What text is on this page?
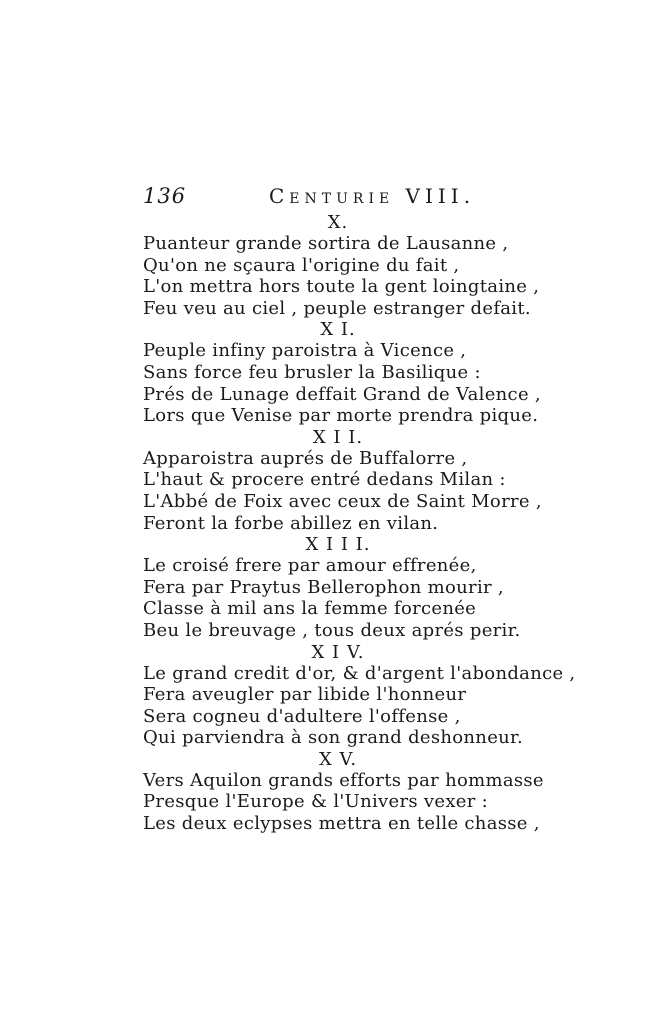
136	Centurie VIII.
X.
Puanteur grande sortira de Lausanne ,
Qu'on ne sçaura l'origine du fait ,
L'on mettra hors toute la gent loingtaine ,
Feu veu au ciel , peuple estranger defait.
X I.
Peuple infiny paroistra à Vicence ,
Sans force feu brusler la Basilique :
Prés de Lunage deffait Grand de Valence ,
Lors que Venise par morte prendra pique.
X I I.
Apparoistra auprés de Buffalorre ,
L'haut & procere entré dedans Milan :
L'Abbé de Foix avec ceux de Saint Morre ,
Feront la forbe abillez en vilan.
X I I I.
Le croisé frere par amour effrenée,
Fera par Praytus Bellerophon mourir ,
Classe à mil ans la femme forcenée
Beu le breuvage , tous deux aprés perir.
X I V.
Le grand credit d'or, & d'argent l'abondance ,
Fera aveugler par libide l'honneur
Sera cogneu d'adultere l'offense ,
Qui parviendra à son grand deshonneur.
X V.
Vers Aquilon grands efforts par hommasse
Presque l'Europe & l'Univers vexer :
Les deux eclypses mettra en telle chasse ,
